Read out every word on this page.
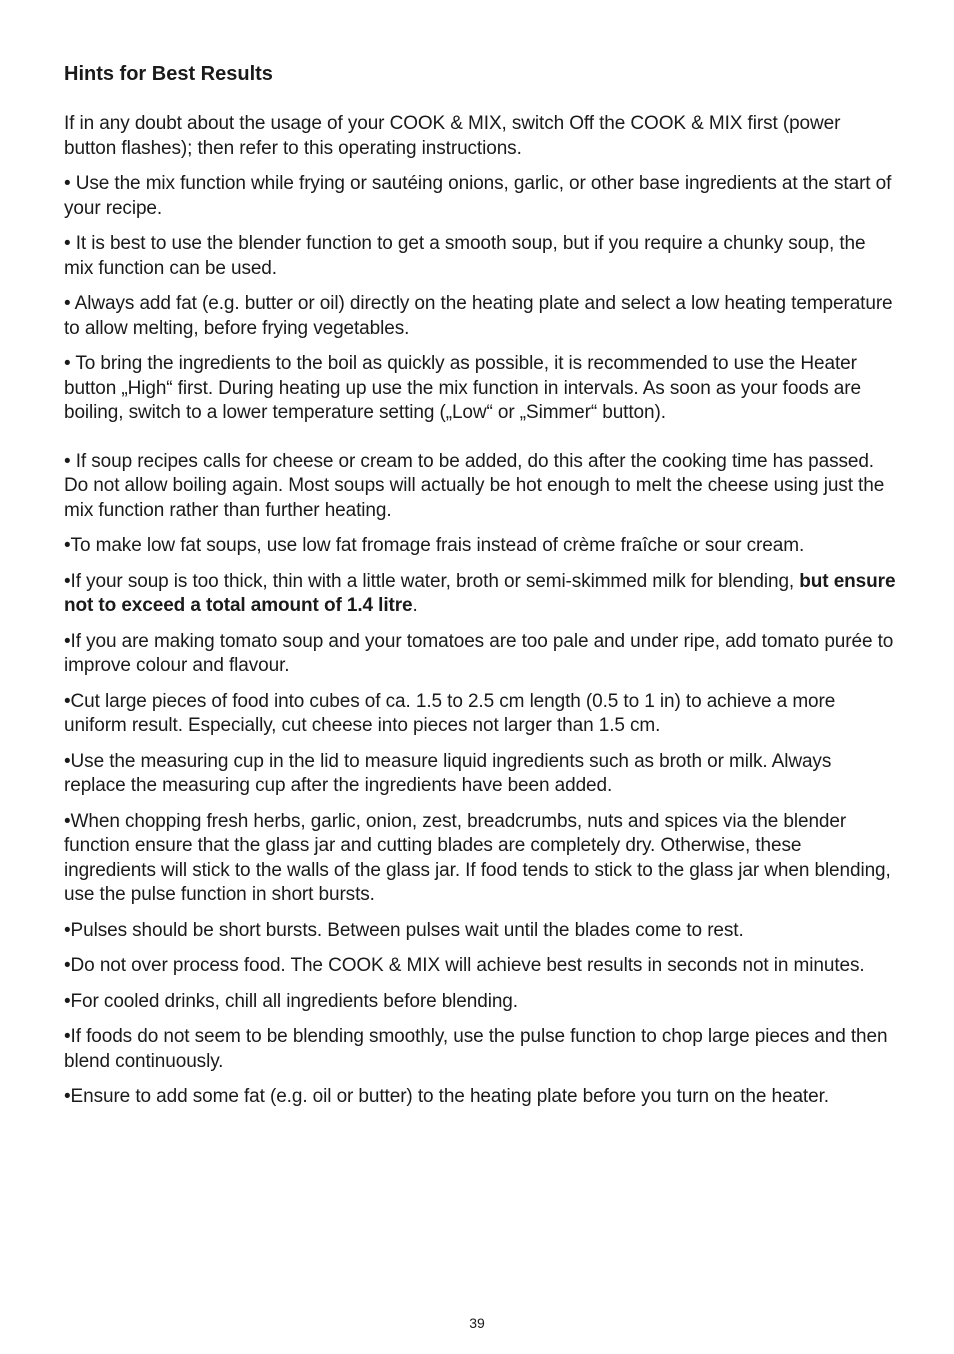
Hints for Best Results

If in any doubt about the usage of your COOK & MIX, switch Off the COOK & MIX first (power button flashes); then refer to this operating instructions.

• Use the mix function while frying or sautéing onions, garlic, or other base ingredients at the start of your recipe.

• It is best to use the blender function to get a smooth soup, but if you require a chunky soup, the mix function can be used.

• Always add fat (e.g. butter or oil) directly on the heating plate and select a low heating temperature to allow melting, before frying vegetables.

• To bring the ingredients to the boil as quickly as possible, it is recommended to use the Heater button „High“ first. During heating up use the mix function in intervals. As soon as your foods are boiling, switch to a lower temperature setting („Low“ or „Simmer“ button).

• If soup recipes calls for cheese or cream to be added, do this after the cooking time has passed. Do not allow boiling again. Most soups will actually be hot enough to melt the cheese using just the mix function rather than further heating.

•To make low fat soups, use low fat fromage frais instead of crème fraîche or sour cream.

•If your soup is too thick, thin with a little water, broth or semi-skimmed milk for blending, but ensure not to exceed a total amount of 1.4 litre.

•If you are making tomato soup and your tomatoes are too pale and under ripe, add tomato purée to improve colour and flavour.

•Cut large pieces of food into cubes of ca. 1.5 to 2.5 cm length (0.5 to 1 in) to achieve a more uniform result. Especially, cut cheese into pieces not larger than 1.5 cm.

•Use the measuring cup in the lid to measure liquid ingredients such as broth or milk. Always replace the measuring cup after the ingredients have been added.

•When chopping fresh herbs, garlic, onion, zest, breadcrumbs, nuts and spices via the blender function ensure that the glass jar and cutting blades are completely dry. Otherwise, these ingredients will stick to the walls of the glass jar. If food tends to stick to the glass jar when blending, use the pulse function in short bursts.

•Pulses should be short bursts. Between pulses wait until the blades come to rest.

•Do not over process food. The COOK & MIX will achieve best results in seconds not in minutes.

•For cooled drinks, chill all ingredients before blending.

•If foods do not seem to be blending smoothly, use the pulse function to chop large pieces and then blend continuously.

•Ensure to add some fat (e.g. oil or butter) to the heating plate before you turn on the heater.

39
